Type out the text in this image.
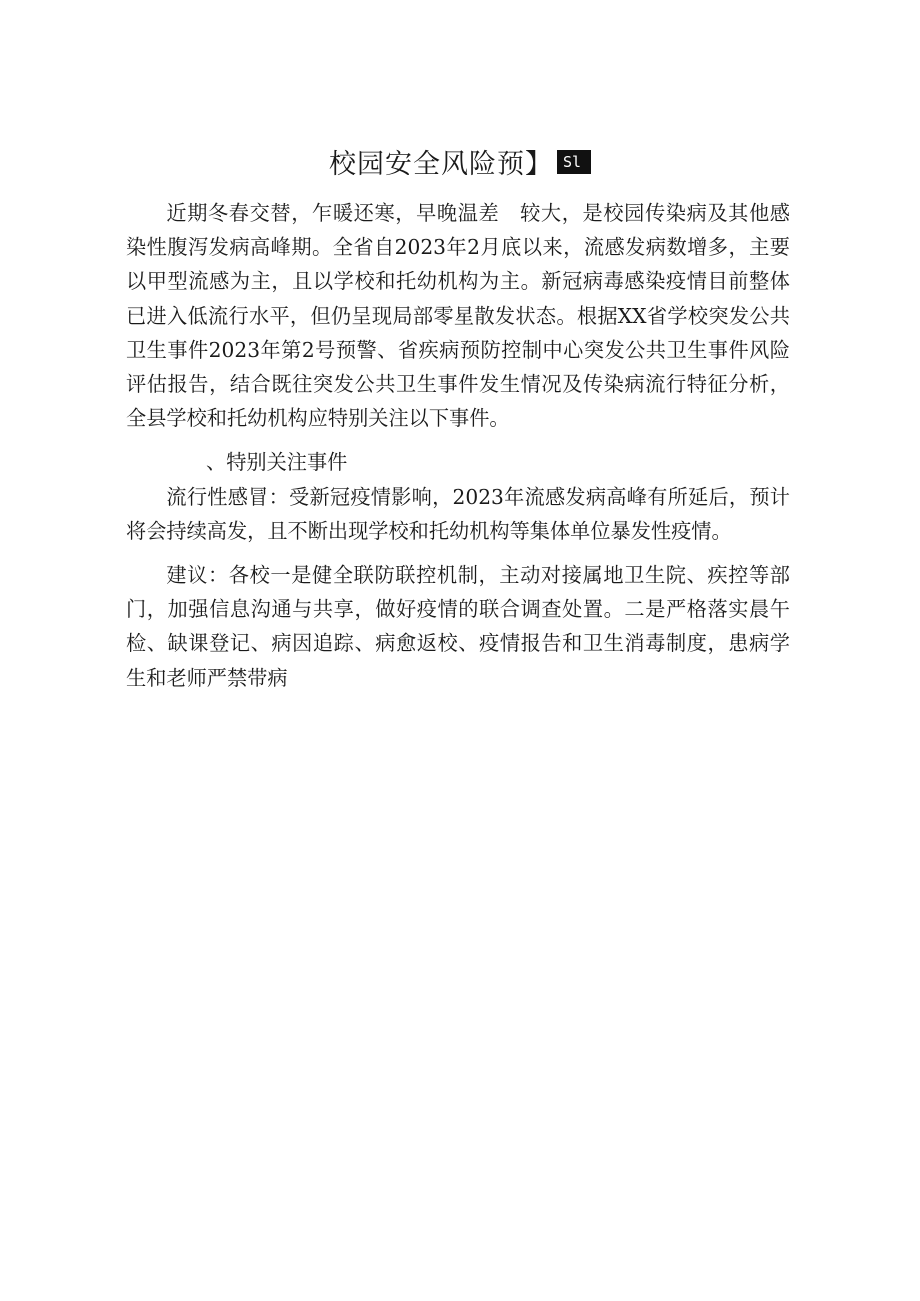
校园安全风险预】 Sl

近期冬春交替，乍暖还寒，早晚温差　较大，是校园传染病及其他感染性腹泻发病高峰期。全省自2023年2月底以来，流感发病数增多，主要以甲型流感为主，且以学校和托幼机构为主。新冠病毒感染疫情目前整体已进入低流行水平，但仍呈现局部零星散发状态。根据XX省学校突发公共卫生事件2023年第2号预警、省疾病预防控制中心突发公共卫生事件风险评估报告，结合既往突发公共卫生事件发生情况及传染病流行特征分析，全县学校和托幼机构应特别关注以下事件。

、特别关注事件

流行性感冒：受新冠疫情影响，2023年流感发病高峰有所延后，预计将会持续高发，且不断出现学校和托幼机构等集体单位暴发性疫情。

建议：各校一是健全联防联控机制，主动对接属地卫生院、疾控等部门，加强信息沟通与共享，做好疫情的联合调查处置。二是严格落实晨午检、缺课登记、病因追踪、病愈返校、疫情报告和卫生消毒制度，患病学生和老师严禁带病
